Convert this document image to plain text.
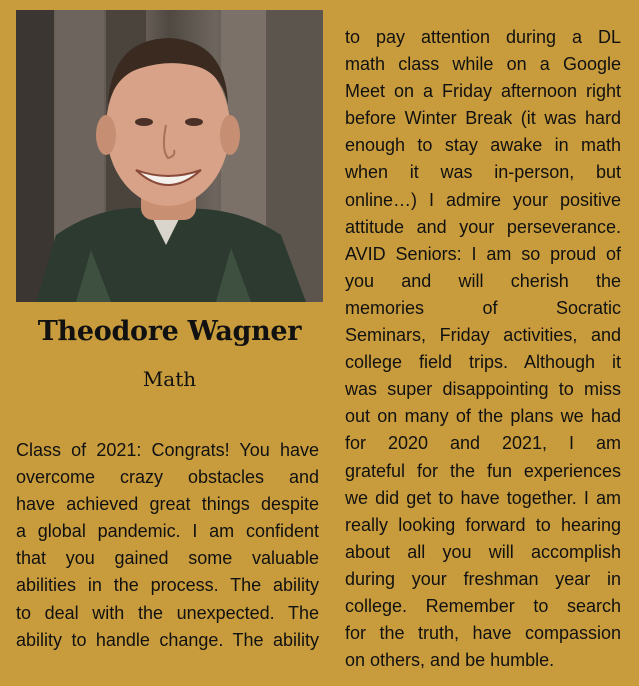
Theodore Wagner
Math
Class of 2021: Congrats! You have
overcome crazy obstacles and
have achieved great things despite
a global pandemic. I am confident
that you gained some valuable
abilities in the process. The ability
to deal with the unexpected. The
ability to handle change. The ability
to pay attention during a DL
math class while on a Google
Meet on a Friday afternoon right
before Winter Break (it was hard
enough to stay awake in math
when it was in-person, but
online…) I admire your positive
attitude and your perseverance.
AVID Seniors: I am so proud of
you and will cherish the
memories of Socratic
Seminars, Friday activities, and
college field trips. Although it
was super disappointing to miss
out on many of the plans we had
for 2020 and 2021, I am
grateful for the fun experiences
we did get to have together. I am
really looking forward to hearing
about all you will accomplish
during your freshman year in
college. Remember to search
for the truth, have compassion
on others, and be humble.
